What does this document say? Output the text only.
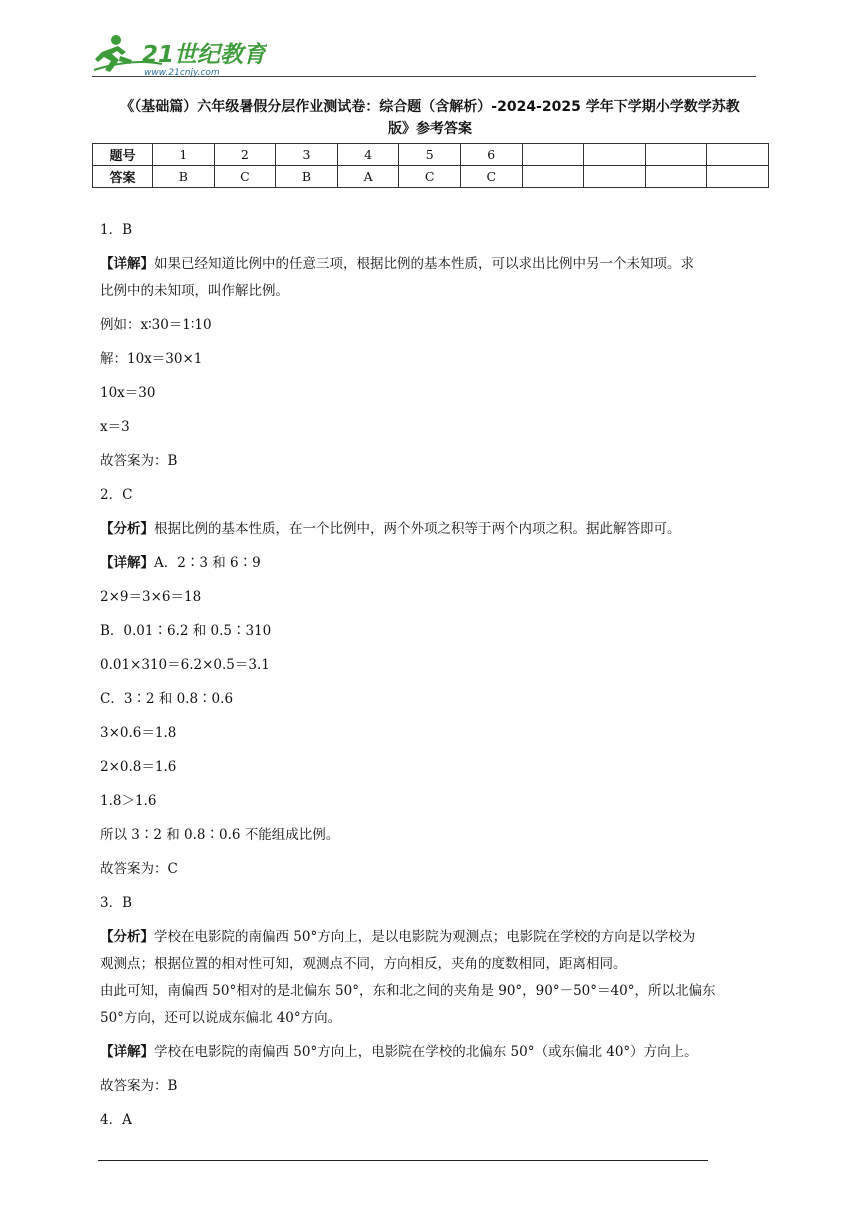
21世纪教育
www.21cnjy.com
《（基础篇）六年级暑假分层作业测试卷：综合题（含解析）-2024-2025 学年下学期小学数学苏教
版》参考答案
题号	1	2	3	4	5	6				
答案	B	C	B	A	C	C				
1．B
【详解】如果已经知道比例中的任意三项，根据比例的基本性质，可以求出比例中另一个未知项。求
比例中的未知项，叫作解比例。
例如：x∶30＝1∶10
解：10x＝30×1
10x＝30
x＝3
故答案为：B
2．C
【分析】根据比例的基本性质，在一个比例中，两个外项之积等于两个内项之积。据此解答即可。
【详解】A．2∶3 和 6∶9
2×9＝3×6＝18
B．0.01∶6.2 和 0.5∶310
0.01×310＝6.2×0.5＝3.1
C．3∶2 和 0.8∶0.6
3×0.6＝1.8
2×0.8＝1.6
1.8＞1.6
所以 3∶2 和 0.8∶0.6 不能组成比例。
故答案为：C
3．B
【分析】学校在电影院的南偏西 50°方向上，是以电影院为观测点；电影院在学校的方向是以学校为
观测点；根据位置的相对性可知，观测点不同，方向相反，夹角的度数相同，距离相同。
由此可知，南偏西 50°相对的是北偏东 50°，东和北之间的夹角是 90°，90°－50°＝40°，所以北偏东
50°方向，还可以说成东偏北 40°方向。
【详解】学校在电影院的南偏西 50°方向上，电影院在学校的北偏东 50°（或东偏北 40°）方向上。
故答案为：B
4．A
